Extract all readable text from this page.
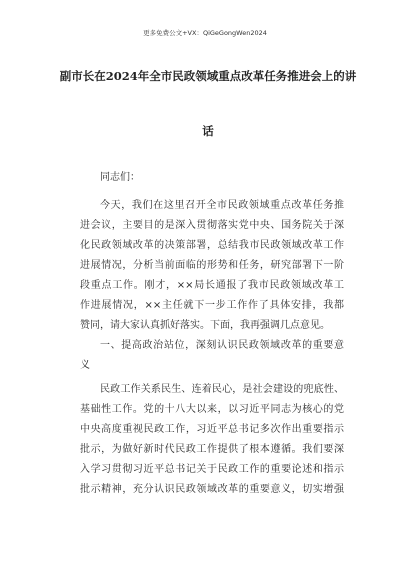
更多免费公文+VX：QiGeGongWen2024
副市长在2024年全市民政领域重点改革任务推进会上的讲
话
同志们：
今天，我们在这里召开全市民政领域重点改革任务推
进会议，主要目的是深入贯彻落实党中央、国务院关于深
化民政领域改革的决策部署，总结我市民政领域改革工作
进展情况，分析当前面临的形势和任务，研究部署下一阶
段重点工作。刚才，××局长通报了我市民政领域改革工
作进展情况，××主任就下一步工作作了具体安排，我都
赞同，请大家认真抓好落实。下面，我再强调几点意见。
一、提高政治站位，深刻认识民政领域改革的重要意
义
民政工作关系民生、连着民心，是社会建设的兜底性、
基础性工作。党的十八大以来，以习近平同志为核心的党
中央高度重视民政工作，习近平总书记多次作出重要指示
批示，为做好新时代民政工作提供了根本遵循。我们要深
入学习贯彻习近平总书记关于民政工作的重要论述和指示
批示精神，充分认识民政领域改革的重要意义，切实增强
